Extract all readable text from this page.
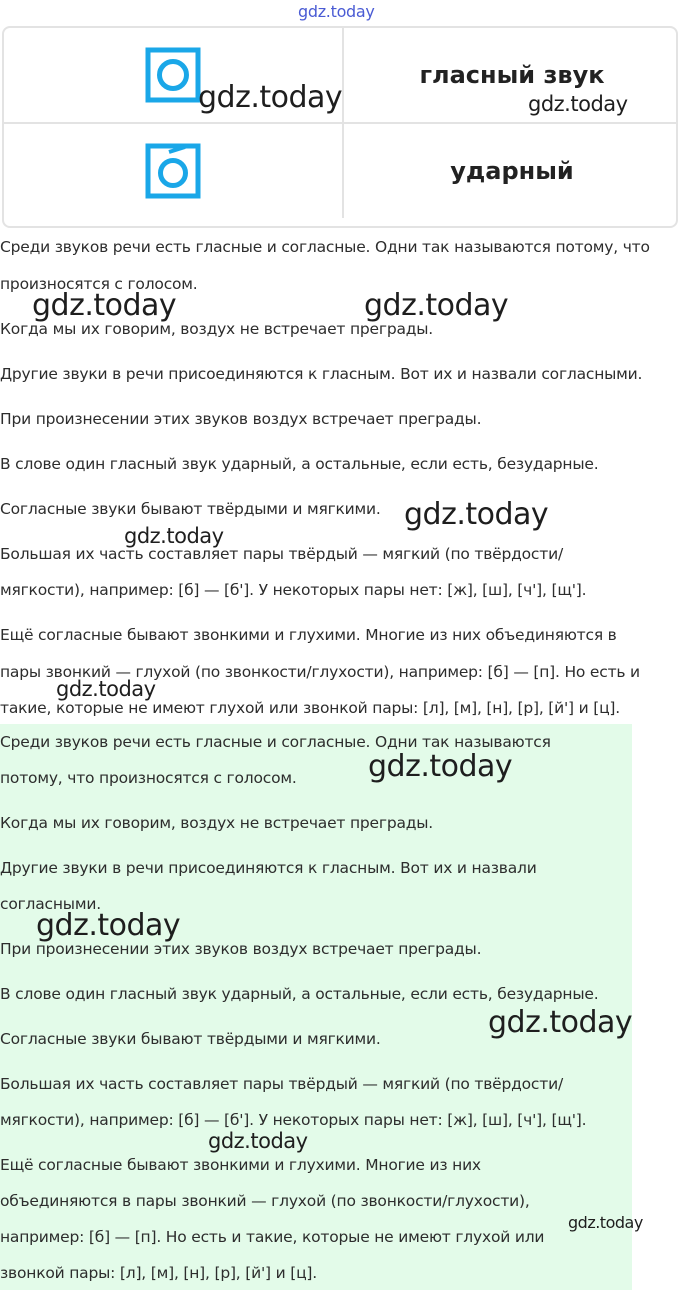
gdz.today
гласный звук
ударный
Среди звуков речи есть гласные и согласные. Одни так называются потому, что
произносятся с голосом.
Когда мы их говорим, воздух не встречает преграды.
Другие звуки в речи присоединяются к гласным. Вот их и назвали согласными.
При произнесении этих звуков воздух встречает преграды.
В слове один гласный звук ударный, а остальные, если есть, безударные.
Согласные звуки бывают твёрдыми и мягкими.
Большая их часть составляет пары твёрдый — мягкий (по твёрдости/
мягкости), например: [б] — [б']. У некоторых пары нет: [ж], [ш], [ч'], [щ'].
Ещё согласные бывают звонкими и глухими. Многие из них объединяются в
пары звонкий — глухой (по звонкости/глухости), например: [б] — [п]. Но есть и
такие, которые не имеют глухой или звонкой пары: [л], [м], [н], [р], [й'] и [ц].
Среди звуков речи есть гласные и согласные. Одни так называются
потому, что произносятся с голосом.
Когда мы их говорим, воздух не встречает преграды.
Другие звуки в речи присоединяются к гласным. Вот их и назвали
согласными.
При произнесении этих звуков воздух встречает преграды.
В слове один гласный звук ударный, а остальные, если есть, безударные.
Согласные звуки бывают твёрдыми и мягкими.
Большая их часть составляет пары твёрдый — мягкий (по твёрдости/
мягкости), например: [б] — [б']. У некоторых пары нет: [ж], [ш], [ч'], [щ'].
Ещё согласные бывают звонкими и глухими. Многие из них
объединяются в пары звонкий — глухой (по звонкости/глухости),
например: [б] — [п]. Но есть и такие, которые не имеют глухой или
звонкой пары: [л], [м], [н], [р], [й'] и [ц].
gdz.today	gdz.today
gdz.today	gdz.today
gdz.today
gdz.today
gdz.today
gdz.today
gdz.today
gdz.today
gdz.today
gdz.today
